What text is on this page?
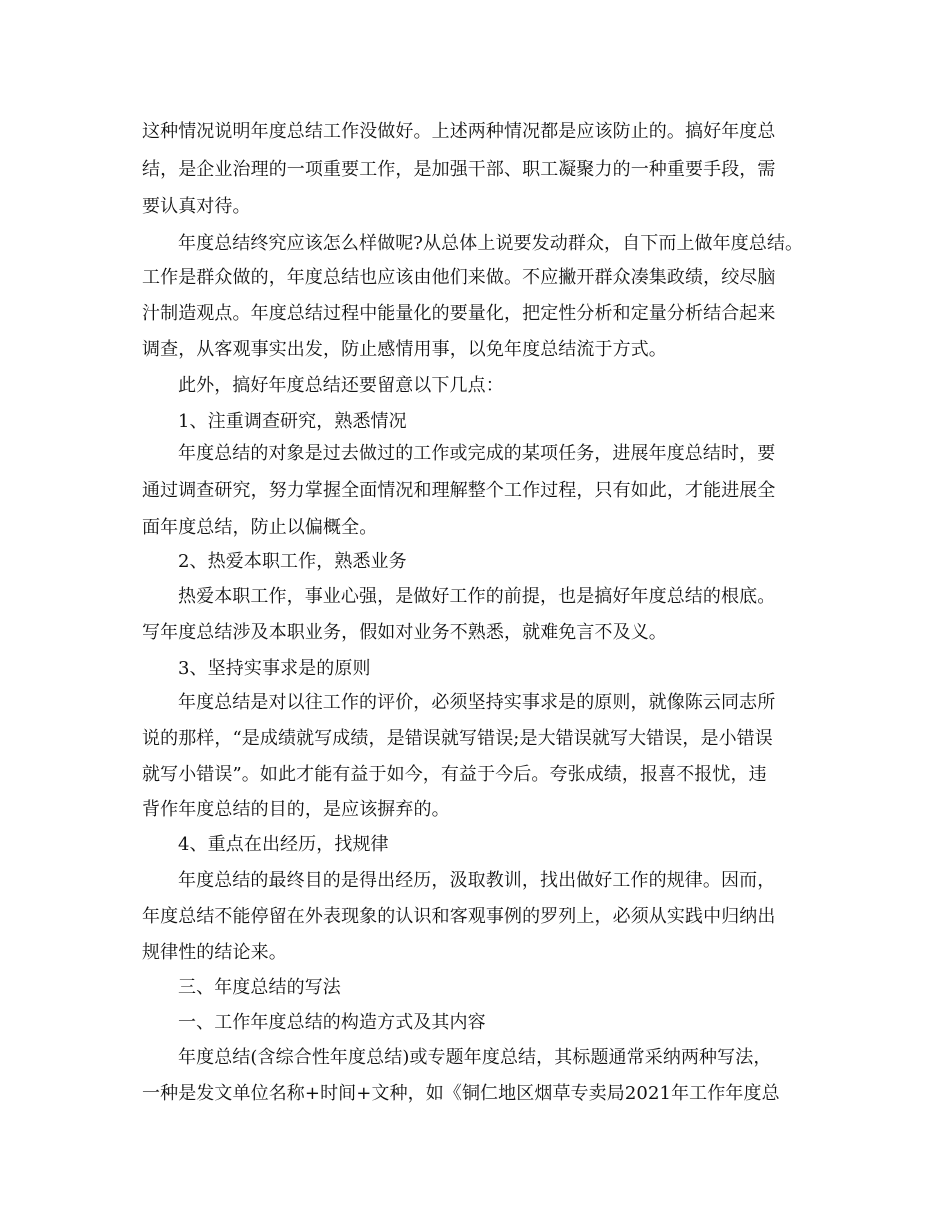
这种情况说明年度总结工作没做好。上述两种情况都是应该防止的。搞好年度总
结，是企业治理的一项重要工作，是加强干部、职工凝聚力的一种重要手段，需
要认真对待。
年度总结终究应该怎么样做呢?从总体上说要发动群众，自下而上做年度总结。
工作是群众做的，年度总结也应该由他们来做。不应撇开群众凑集政绩，绞尽脑
汁制造观点。年度总结过程中能量化的要量化，把定性分析和定量分析结合起来
调查，从客观事实出发，防止感情用事，以免年度总结流于方式。
此外，搞好年度总结还要留意以下几点：
1、注重调查研究，熟悉情况
年度总结的对象是过去做过的工作或完成的某项任务，进展年度总结时，要
通过调查研究，努力掌握全面情况和理解整个工作过程，只有如此，才能进展全
面年度总结，防止以偏概全。
2、热爱本职工作，熟悉业务
热爱本职工作，事业心强，是做好工作的前提，也是搞好年度总结的根底。
写年度总结涉及本职业务，假如对业务不熟悉，就难免言不及义。
3、坚持实事求是的原则
年度总结是对以往工作的评价，必须坚持实事求是的原则，就像陈云同志所
说的那样，“是成绩就写成绩，是错误就写错误;是大错误就写大错误，是小错误
就写小错误”。如此才能有益于如今，有益于今后。夸张成绩，报喜不报忧，违
背作年度总结的目的，是应该摒弃的。
4、重点在出经历，找规律
年度总结的最终目的是得出经历，汲取教训，找出做好工作的规律。因而，
年度总结不能停留在外表现象的认识和客观事例的罗列上，必须从实践中归纳出
规律性的结论来。
三、年度总结的写法
一、工作年度总结的构造方式及其内容
年度总结(含综合性年度总结)或专题年度总结，其标题通常采纳两种写法，
一种是发文单位名称+时间+文种，如《铜仁地区烟草专卖局2021年工作年度总
